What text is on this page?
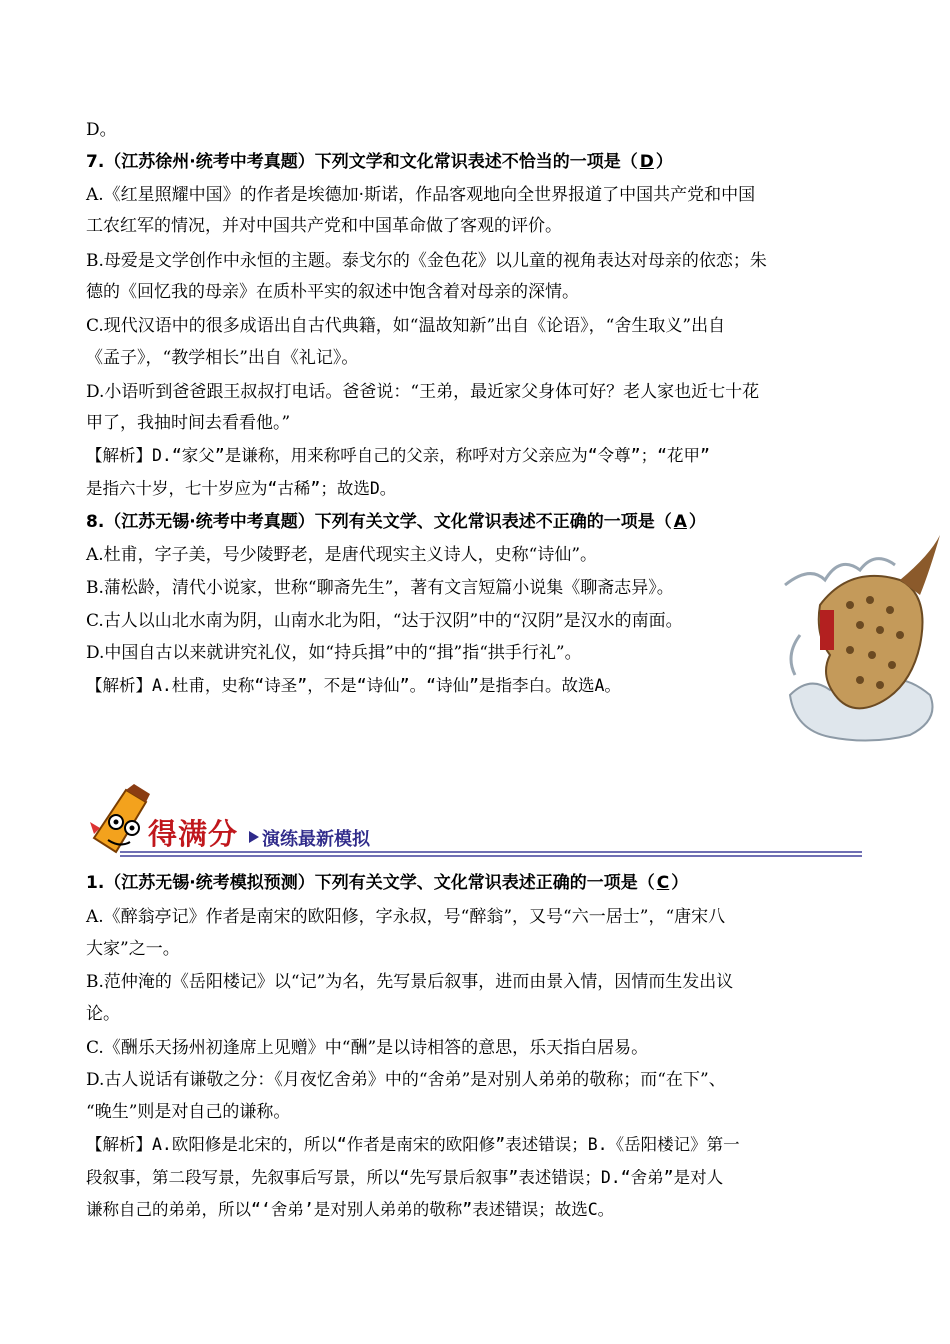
D。
7.（江苏徐州·统考中考真题）下列文学和文化常识表述不恰当的一项是（ D ）
A.《红星照耀中国》的作者是埃德加·斯诺，作品客观地向全世界报道了中国共产党和中国
工农红军的情况，并对中国共产党和中国革命做了客观的评价。
B.母爱是文学创作中永恒的主题。泰戈尔的《金色花》以儿童的视角表达对母亲的依恋；朱
德的《回忆我的母亲》在质朴平实的叙述中饱含着对母亲的深情。
C.现代汉语中的很多成语出自古代典籍，如“温故知新”出自《论语》，“舍生取义”出自
《孟子》，“教学相长”出自《礼记》。
D.小语听到爸爸跟王叔叔打电话。爸爸说：“王弟，最近家父身体可好？老人家也近七十花
甲了，我抽时间去看看他。”
【解析】D.“家父”是谦称，用来称呼自己的父亲，称呼对方父亲应为“令尊”；“花甲”
是指六十岁，七十岁应为“古稀”；故选D。
8.（江苏无锡·统考中考真题）下列有关文学、文化常识表述不正确的一项是（ A ）
A.杜甫，字子美，号少陵野老，是唐代现实主义诗人，史称“诗仙”。
B.蒲松龄，清代小说家，世称“聊斋先生”，著有文言短篇小说集《聊斋志异》。
C.古人以山北水南为阴，山南水北为阳，“达于汉阴”中的“汉阴”是汉水的南面。
D.中国自古以来就讲究礼仪，如“持兵揖”中的“揖”指“拱手行礼”。
【解析】A.杜甫，史称“诗圣”，不是“诗仙”。“诗仙”是指李白。故选A。
得满分 演练最新模拟
1.（江苏无锡·统考模拟预测）下列有关文学、文化常识表述正确的一项是（ C ）
A.《醉翁亭记》作者是南宋的欧阳修，字永叔，号“醉翁”，又号“六一居士”，“唐宋八
大家”之一。
B.范仲淹的《岳阳楼记》以“记”为名，先写景后叙事，进而由景入情，因情而生发出议
论。
C.《酬乐天扬州初逢席上见赠》中“酬”是以诗相答的意思，乐天指白居易。
D.古人说话有谦敬之分：《月夜忆舍弟》中的“舍弟”是对别人弟弟的敬称；而“在下”、
“晚生”则是对自己的谦称。
【解析】A.欧阳修是北宋的，所以“作者是南宋的欧阳修”表述错误；B.《岳阳楼记》第一
段叙事，第二段写景，先叙事后写景，所以“先写景后叙事”表述错误；D.“舍弟”是对人
谦称自己的弟弟，所以“‘舍弟’是对别人弟弟的敬称”表述错误；故选C。
